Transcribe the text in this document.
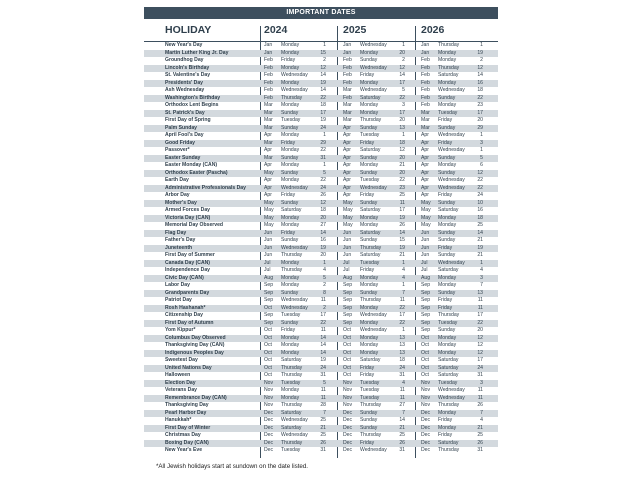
IMPORTANT DATES
HOLIDAY	2024	2025	2026
New Year's Day	Jan Monday	1	Jan Wednesday	1	Jan Thursday	1
Martin Luther King Jr. Day	Jan Monday	15	Jan Monday	20	Jan Monday	19
Groundhog Day	Feb Friday	2	Feb Sunday	2	Feb Monday	2
Lincoln's Birthday	Feb Monday	12	Feb Wednesday	12	Feb Thursday	12
St. Valentine's Day	Feb Wednesday	14	Feb Friday	14	Feb Saturday	14
Presidents' Day	Feb Monday	19	Feb Monday	17	Feb Monday	16
Ash Wednesday	Feb Wednesday	14	Mar Wednesday	5	Feb Wednesday	18
Washington's Birthday	Feb Thursday	22	Feb Saturday	22	Feb Sunday	22
Orthodox Lent Begins	Mar Monday	18	Mar Monday	3	Feb Monday	23
St. Patrick's Day	Mar Sunday	17	Mar Monday	17	Mar Tuesday	17
First Day of Spring	Mar Tuesday	19	Mar Thursday	20	Mar Friday	20
Palm Sunday	Mar Sunday	24	Apr Sunday	13	Mar Sunday	29
April Fool's Day	Apr Monday	1	Apr Tuesday	1	Apr Wednesday	1
Good Friday	Mar Friday	29	Apr Friday	18	Apr Friday	3
Passover*	Apr Monday	22	Apr Saturday	12	Apr Wednesday	1
Easter Sunday	Mar Sunday	31	Apr Sunday	20	Apr Sunday	5
Easter Monday (CAN)	Apr Monday	1	Apr Monday	21	Apr Monday	6
Orthodox Easter (Pascha)	May Sunday	5	Apr Sunday	20	Apr Sunday	12
Earth Day	Apr Monday	22	Apr Tuesday	22	Apr Wednesday	22
Administrative Professionals Day	Apr Wednesday	24	Apr Wednesday	23	Apr Wednesday	22
Arbor Day	Apr Friday	26	Apr Friday	25	Apr Friday	24
Mother's Day	May Sunday	12	May Sunday	11	May Sunday	10
Armed Forces Day	May Saturday	18	May Saturday	17	May Saturday	16
Victoria Day (CAN)	May Monday	20	May Monday	19	May Monday	18
Memorial Day Observed	May Monday	27	May Monday	26	May Monday	25
Flag Day	Jun Friday	14	Jun Saturday	14	Jun Sunday	14
Father's Day	Jun Sunday	16	Jun Sunday	15	Jun Sunday	21
Juneteenth	Jun Wednesday	19	Jun Thursday	19	Jun Friday	19
First Day of Summer	Jun Thursday	20	Jun Saturday	21	Jun Sunday	21
Canada Day (CAN)	Jul Monday	1	Jul Tuesday	1	Jul Wednesday	1
Independence Day	Jul Thursday	4	Jul Friday	4	Jul Saturday	4
Civic Day (CAN)	Aug Monday	5	Aug Monday	4	Aug Monday	3
Labor Day	Sep Monday	2	Sep Monday	1	Sep Monday	7
Grandparents Day	Sep Sunday	8	Sep Sunday	7	Sep Sunday	13
Patriot Day	Sep Wednesday	11	Sep Thursday	11	Sep Friday	11
Rosh Hashanah*	Oct Wednesday	2	Sep Monday	22	Sep Friday	11
Citizenship Day	Sep Tuesday	17	Sep Wednesday	17	Sep Thursday	17
First Day of Autumn	Sep Sunday	22	Sep Monday	22	Sep Tuesday	22
Yom Kippur*	Oct Friday	11	Oct Wednesday	1	Sep Sunday	20
Columbus Day Observed	Oct Monday	14	Oct Monday	13	Oct Monday	12
Thanksgiving Day (CAN)	Oct Monday	14	Oct Monday	13	Oct Monday	12
Indigenous Peoples Day	Oct Monday	14	Oct Monday	13	Oct Monday	12
Sweetest Day	Oct Saturday	19	Oct Saturday	18	Oct Saturday	17
United Nations Day	Oct Thursday	24	Oct Friday	24	Oct Saturday	24
Halloween	Oct Thursday	31	Oct Friday	31	Oct Saturday	31
Election Day	Nov Tuesday	5	Nov Tuesday	4	Nov Tuesday	3
Veterans Day	Nov Monday	11	Nov Tuesday	11	Nov Wednesday	11
Remembrance Day (CAN)	Nov Monday	11	Nov Tuesday	11	Nov Wednesday	11
Thanksgiving Day	Nov Thursday	28	Nov Thursday	27	Nov Thursday	26
Pearl Harbor Day	Dec Saturday	7	Dec Sunday	7	Dec Monday	7
Hanukkah*	Dec Wednesday	25	Dec Sunday	14	Dec Friday	4
First Day of Winter	Dec Saturday	21	Dec Sunday	21	Dec Monday	21
Christmas Day	Dec Wednesday	25	Dec Thursday	25	Dec Friday	25
Boxing Day (CAN)	Dec Thursday	26	Dec Friday	26	Dec Saturday	26
New Year's Eve	Dec Tuesday	31	Dec Wednesday	31	Dec Thursday	31
*All Jewish holidays start at sundown on the date listed.
